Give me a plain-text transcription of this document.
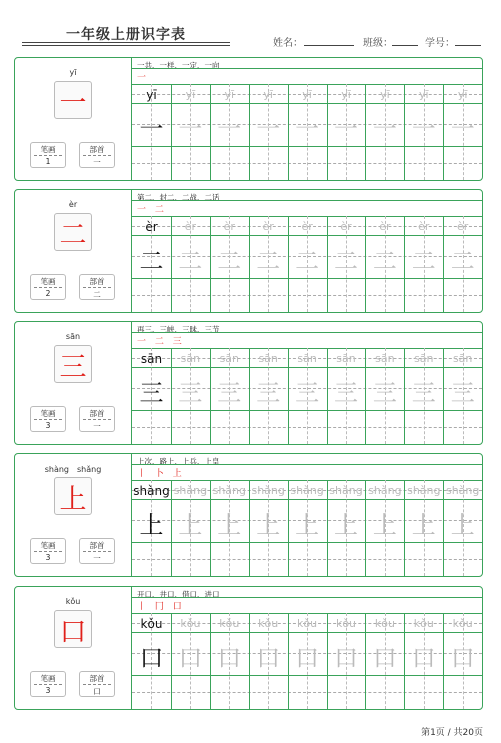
一年级上册识字表
姓名：	班级：	学号：
yī
一
笔画
1
部首
一
一共、一样、一定、一向
一
yī
一
yī
一
yī
一
yī
一
yī
一
yī
一
yī
一
yī
一
yī
一
èr
二
笔画
2
部首
二
第二、封二、二战、二话
一 二
èr
二
èr
二
èr
二
èr
二
èr
二
èr
二
èr
二
èr
二
èr
二
sān
三
笔画
3
部首
一
再三、三峡、三昧、三节
一 二 三
sān
三
sān
三
sān
三
sān
三
sān
三
sān
三
sān
三
sān
三
sān
三
shàng　shǎng
上
笔画
3
部首
一
上次、路上、上兵、上皇
丨 卜 上
shàng
上
shàng
上
shàng
上
shàng
上
shàng
上
shàng
上
shàng
上
shàng
上
shàng
上
kǒu
口
笔画
3
部首
口
开口、井口、借口、进口
丨 冂 口
kǒu
口
kǒu
口
kǒu
口
kǒu
口
kǒu
口
kǒu
口
kǒu
口
kǒu
口
kǒu
口
第1页 / 共20页
